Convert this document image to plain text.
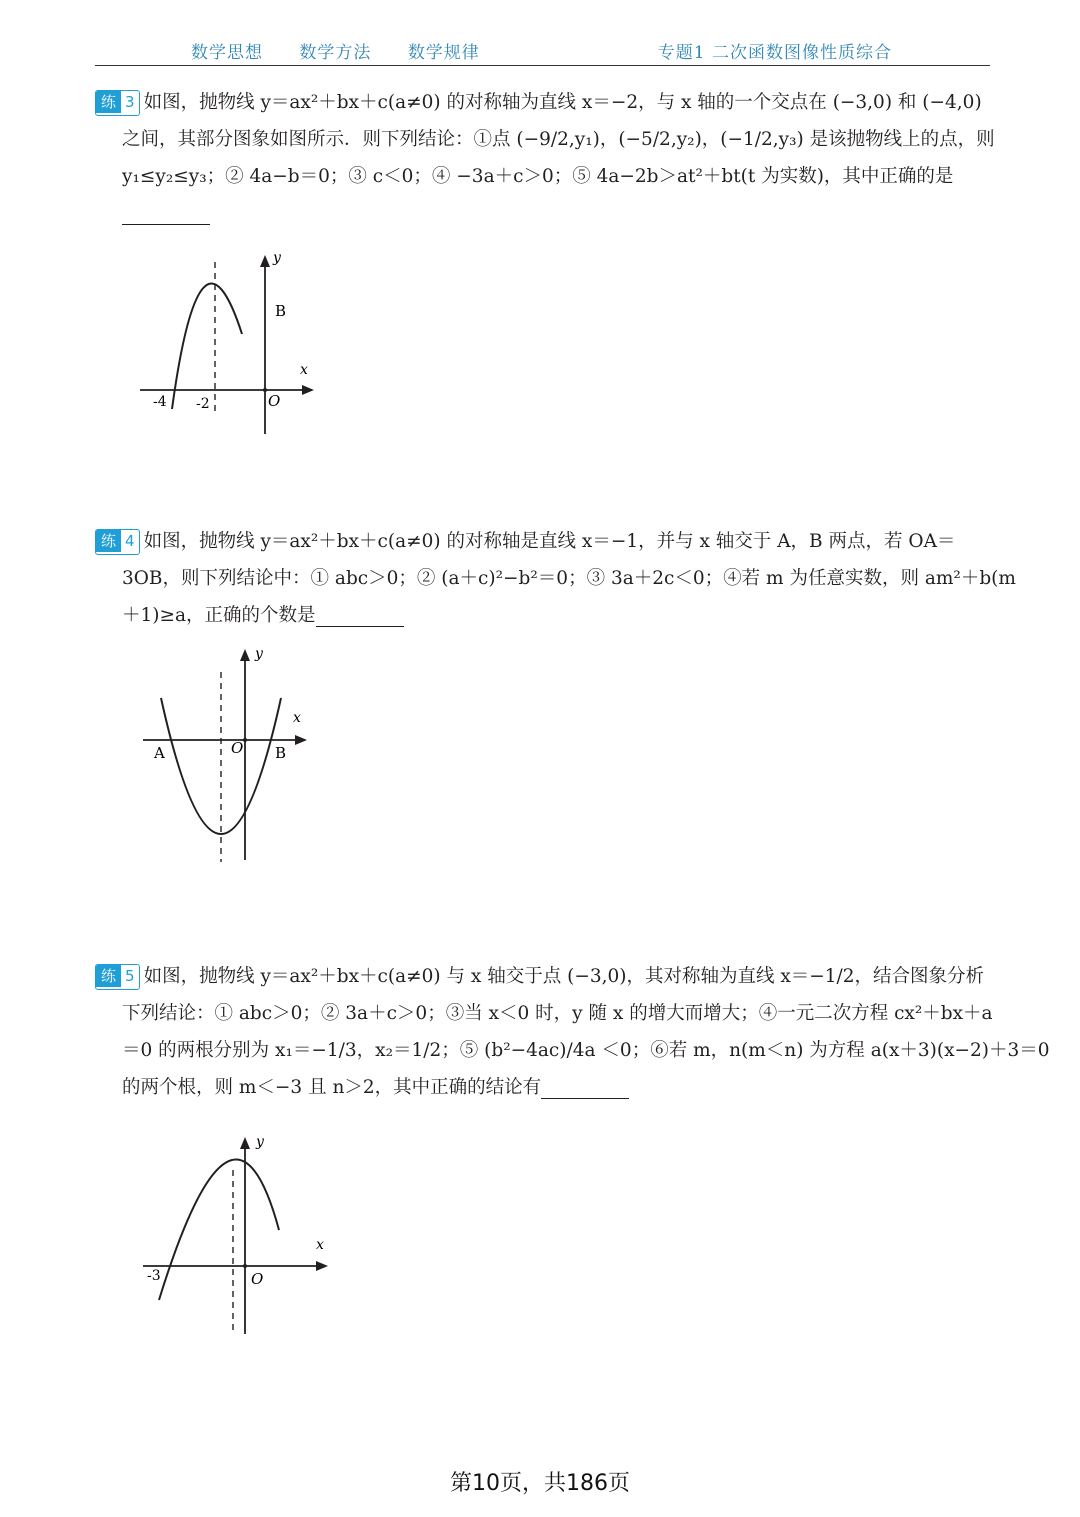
数学思想 数学方法 数学规律	专题1 二次函数图像性质综合
练 3 如图，抛物线 y＝ax²＋bx＋c(a≠0) 的对称轴为直线 x＝−2，与 x 轴的一个交点在 (−3,0) 和 (−4,0)
之间，其部分图象如图所示．则下列结论：①点 (−9/2,y₁)，(−5/2,y₂)，(−1/2,y₃) 是该抛物线上的点，则
y₁≤y₂≤y₃；② 4a−b＝0；③ c＜0；④ −3a＋c＞0；⑤ 4a−2b＞at²＋bt(t 为实数)，其中正确的是
y
x
B
O
-4 -2
练 4 如图，抛物线 y＝ax²＋bx＋c(a≠0) 的对称轴是直线 x＝−1，并与 x 轴交于 A，B 两点，若 OA＝
3OB，则下列结论中：① abc＞0；② (a＋c)²−b²＝0；③ 3a＋2c＜0；④若 m 为任意实数，则 am²＋b(m
＋1)≥a，正确的个数是
y
x
A	B
O
练 5 如图，抛物线 y＝ax²＋bx＋c(a≠0) 与 x 轴交于点 (−3,0)，其对称轴为直线 x＝−1/2，结合图象分析
下列结论：① abc＞0；② 3a＋c＞0；③当 x＜0 时，y 随 x 的增大而增大；④一元二次方程 cx²＋bx＋a
＝0 的两根分别为 x₁＝−1/3，x₂＝1/2；⑤ (b²−4ac)/4a ＜0；⑥若 m，n(m＜n) 为方程 a(x＋3)(x−2)＋3＝0
的两个根，则 m＜−3 且 n＞2，其中正确的结论有
y
x
O
-3
第10页，共186页
